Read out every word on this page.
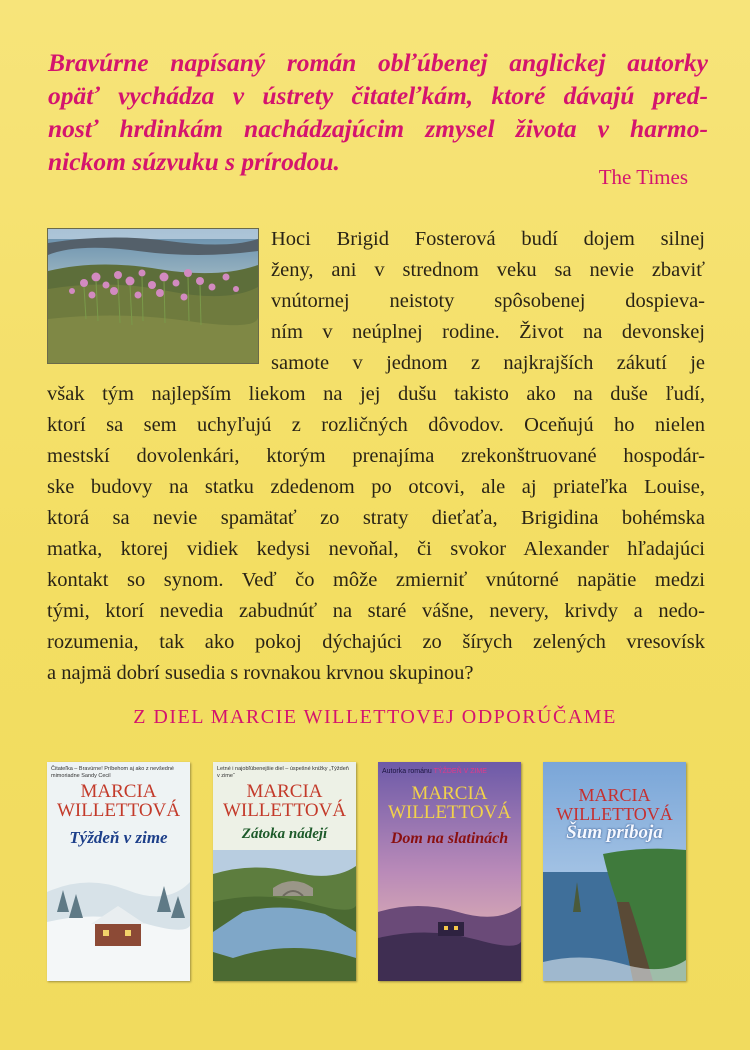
Bravúrne napísaný román obľúbenej anglickej autorky
opäť vychádza v ústrety čitateľkám, ktoré dávajú pred-
nosť hrdinkám nachádzajúcim zmysel života v harmo-
nickom súzvuku s prírodou.
The Times
Hoci Brigid Fosterová budí dojem silnej
ženy, ani v strednom veku sa nevie zbaviť
vnútornej neistoty spôsobenej dospieva-
ním v neúplnej rodine. Život na devonskej
samote v jednom z najkrajších zákutí je
však tým najlepším liekom na jej dušu takisto ako na duše ľudí,
ktorí sa sem uchyľujú z rozličných dôvodov. Oceňujú ho nielen
mestskí dovolenkári, ktorým prenajíma zrekonštruované hospodár-
ske budovy na statku zdedenom po otcovi, ale aj priateľka Louise,
ktorá sa nevie spamätať zo straty dieťaťa, Brigidina bohémska
matka, ktorej vidiek kedysi nevoňal, či svokor Alexander hľadajúci
kontakt so synom. Veď čo môže zmierniť vnútorné napätie medzi
tými, ktorí nevedia zabudnúť na staré vášne, nevery, krivdy a nedo-
rozumenia, tak ako pokoj dýchajúci zo šírych zelených vresovísk
a najmä dobrí susedia s rovnakou krvnou skupinou?
Z DIEL MARCIE WILLETTOVEJ ODPORÚČAME
Čitateľka – Bravúrne! Príbehom aj ako z nevšedné mimoriadne Sandy Cecil
MARCIA
WILLETTOVÁ
Týždeň v zime
Letné i najobľúbenejšie diel – úspešné knižky „Týždeň v zime“
MARCIA
WILLETTOVÁ
Zátoka nádejí
Autorka románu TÝŽDEŇ V ZIME
MARCIA
WILLETTOVÁ
Dom na slatinách
MARCIA
WILLETTOVÁ
Šum príboja
